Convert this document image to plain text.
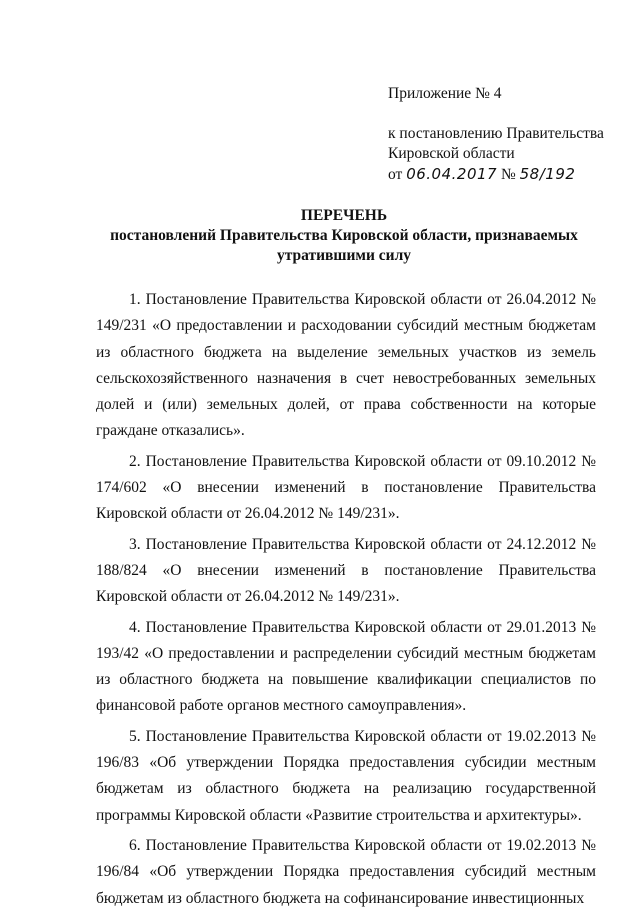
Приложение № 4
к постановлению Правительства
Кировской области
от 06.04.2017 № 58/192
ПЕРЕЧЕНЬ
постановлений Правительства Кировской области, признаваемых
утратившими силу

1. Постановление Правительства Кировской области от 26.04.2012 № 149/231 «О предоставлении и расходовании субсидий местным бюджетам из областного бюджета на выделение земельных участков из земель сельскохозяйственного назначения в счет невостребованных земельных долей и (или) земельных долей, от права собственности на которые граждане отказались».

2. Постановление Правительства Кировской области от 09.10.2012 № 174/602 «О внесении изменений в постановление Правительства Кировской области от 26.04.2012 № 149/231».

3. Постановление Правительства Кировской области от 24.12.2012 № 188/824 «О внесении изменений в постановление Правительства Кировской области от 26.04.2012 № 149/231».

4. Постановление Правительства Кировской области от 29.01.2013 № 193/42 «О предоставлении и распределении субсидий местным бюджетам из областного бюджета на повышение квалификации специалистов по финансовой работе органов местного самоуправления».

5. Постановление Правительства Кировской области от 19.02.2013 № 196/83 «Об утверждении Порядка предоставления субсидии местным бюджетам из областного бюджета на реализацию государственной программы Кировской области «Развитие строительства и архитектуры».

6. Постановление Правительства Кировской области от 19.02.2013 № 196/84 «Об утверждении Порядка предоставления субсидий местным бюджетам из областного бюджета на софинансирование инвестиционных
